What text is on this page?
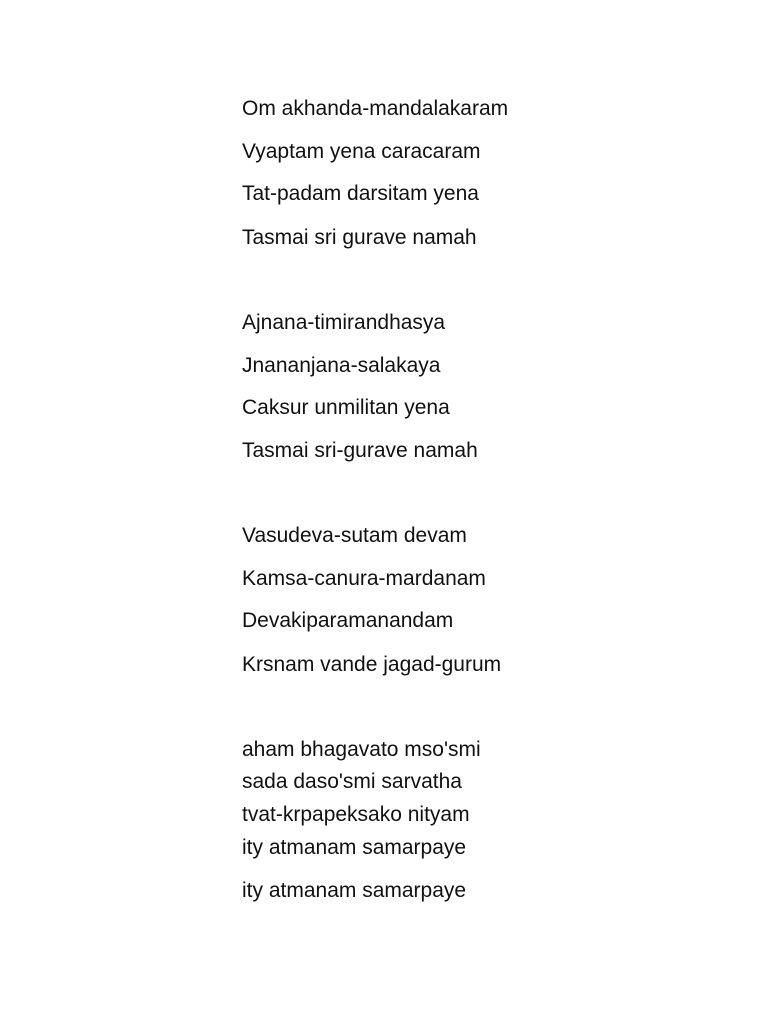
Om akhanda-mandalakaram
Vyaptam yena caracaram
Tat-padam darsitam yena
Tasmai sri gurave namah
Ajnana-timirandhasya
Jnananjana-salakaya
Caksur unmilitan yena
Tasmai sri-gurave namah
Vasudeva-sutam devam
Kamsa-canura-mardanam
Devakiparamanandam
Krsnam vande jagad-gurum
aham bhagavato mso'smi
sada daso'smi sarvatha
tvat-krpapeksako nityam
ity atmanam samarpaye
ity atmanam samarpaye
